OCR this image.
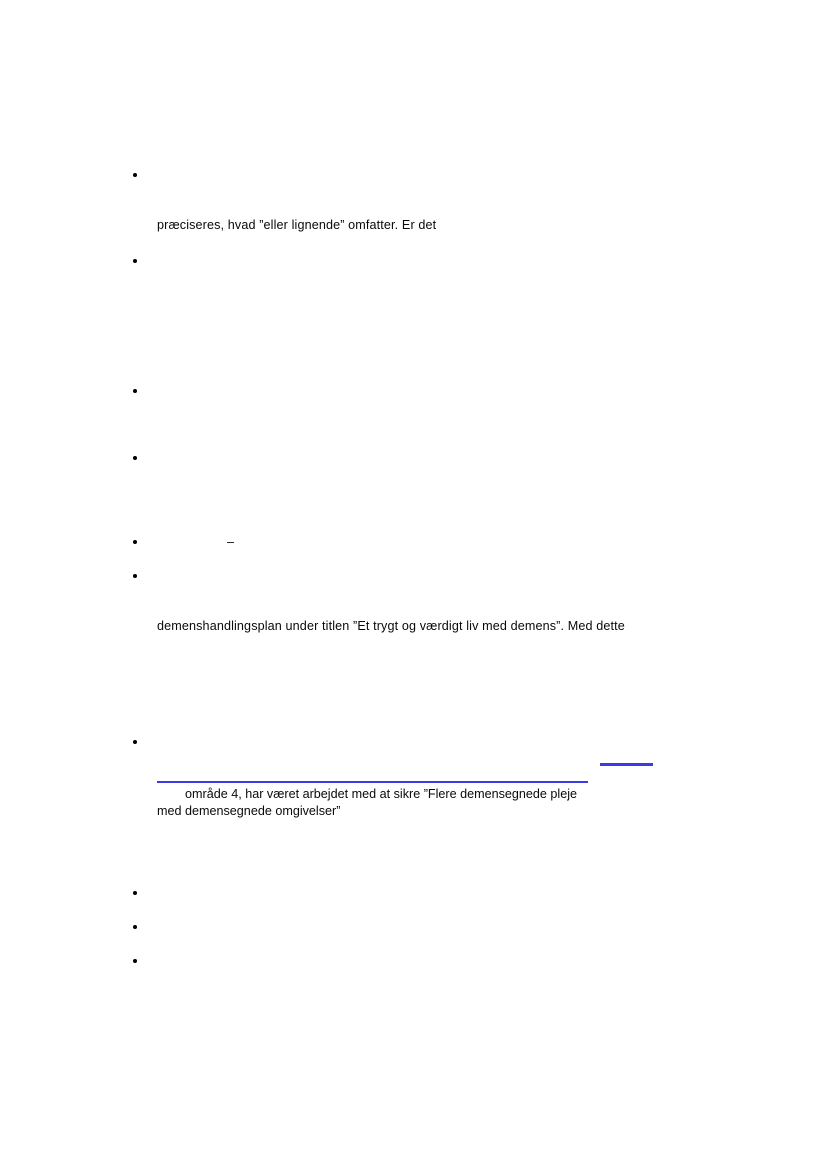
præciseres, hvad ”eller lignende” omfatter. Er det
–
demenshandlingsplan under titlen ”Et trygt og værdigt liv med demens”. Med dette
område 4, har været arbejdet med at sikre ”Flere demensegnede pleje
med demensegnede omgivelser”
